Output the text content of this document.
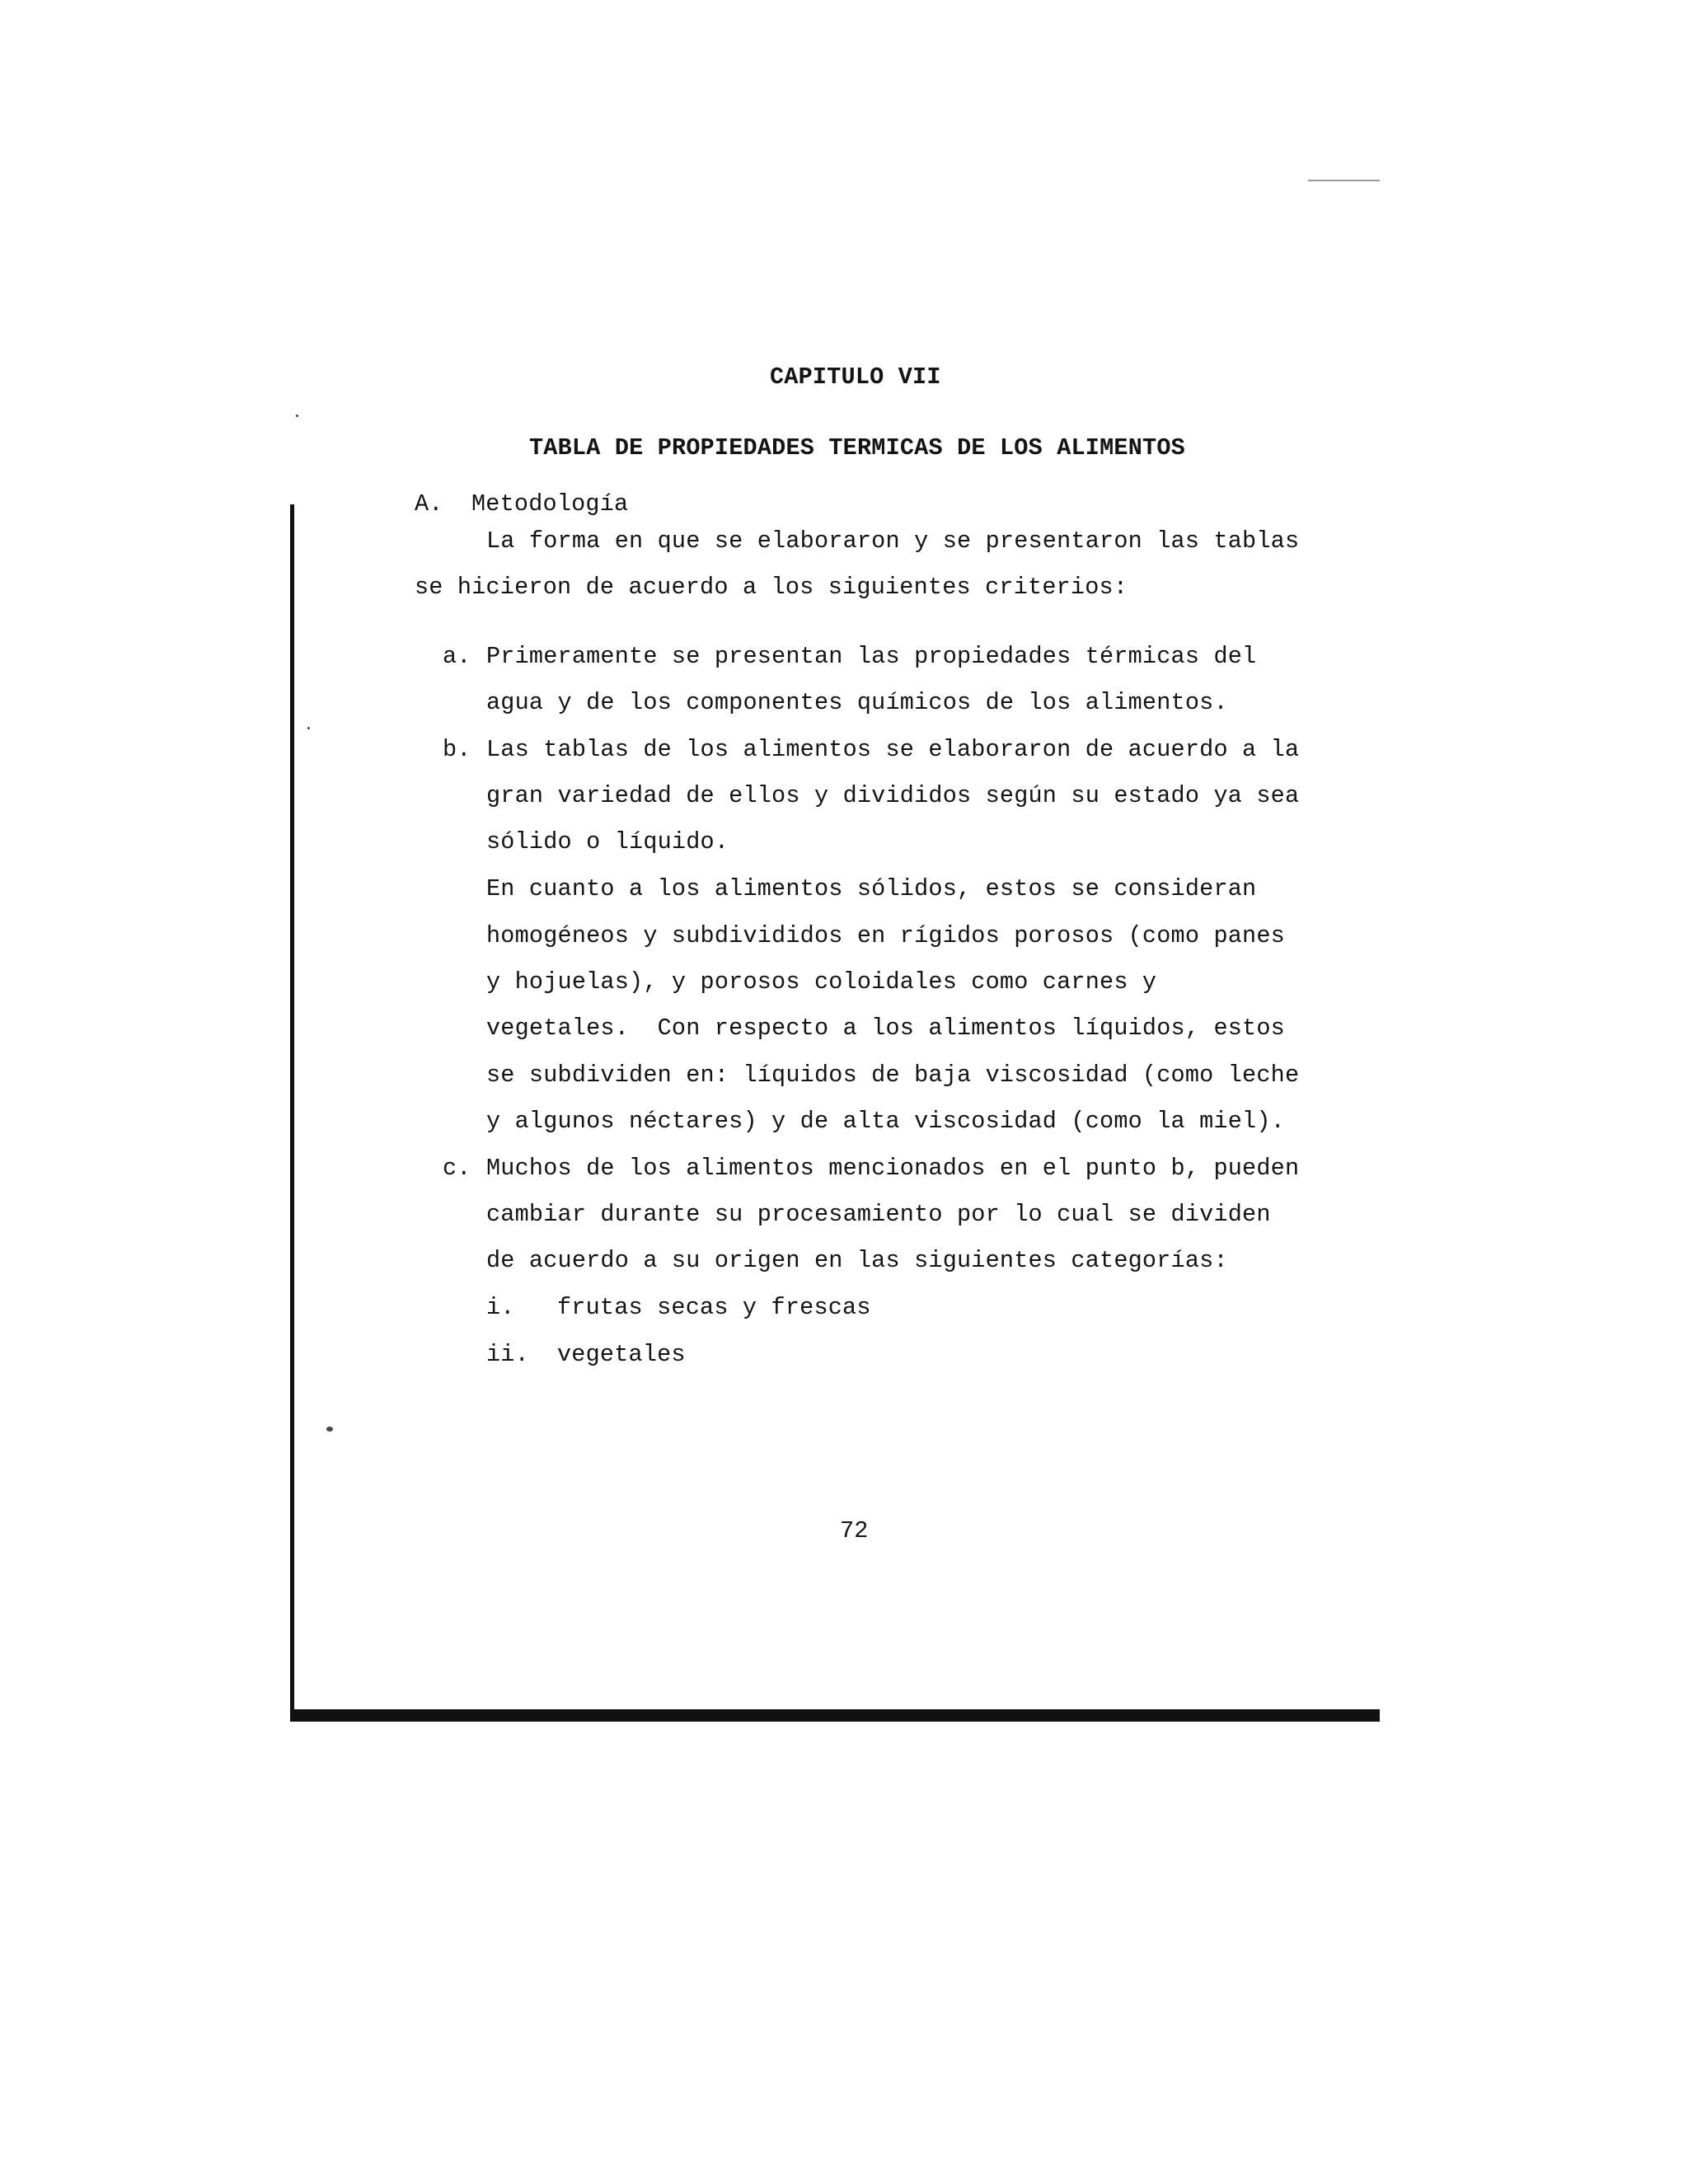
CAPITULO VII
TABLA DE PROPIEDADES TERMICAS DE LOS ALIMENTOS
A. Metodología
La forma en que se elaboraron y se presentaron las tablas
se hicieron de acuerdo a los siguientes criterios:
a. Primeramente se presentan las propiedades térmicas del
agua y de los componentes químicos de los alimentos.
b. Las tablas de los alimentos se elaboraron de acuerdo a la
gran variedad de ellos y divididos según su estado ya sea
sólido o líquido.
En cuanto a los alimentos sólidos, estos se consideran
homogéneos y subdivididos en rígidos porosos (como panes
y hojuelas), y porosos coloidales como carnes y
vegetales.  Con respecto a los alimentos líquidos, estos
se subdividen en: líquidos de baja viscosidad (como leche
y algunos néctares) y de alta viscosidad (como la miel).
c. Muchos de los alimentos mencionados en el punto b, pueden
cambiar durante su procesamiento por lo cual se dividen
de acuerdo a su origen en las siguientes categorías:
i. frutas secas y frescas
ii. vegetales
72
